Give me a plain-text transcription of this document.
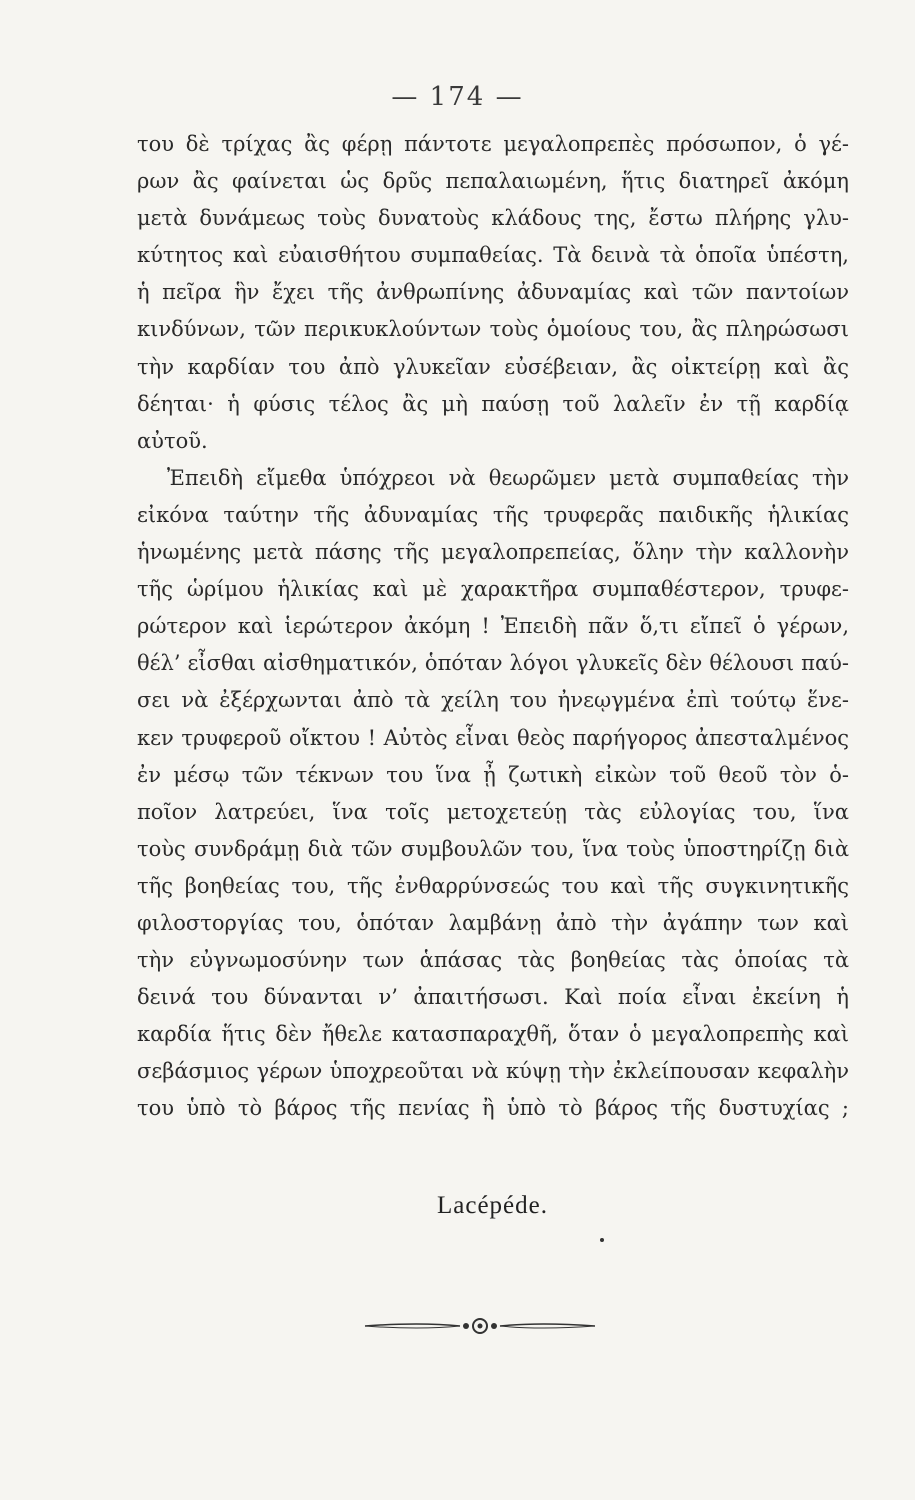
— 174 —
του δὲ τρίχας ἂς φέρῃ πάντοτε μεγαλοπρεπὲς πρόσωπον, ὁ γέ-
ρων ἂς φαίνεται ὡς δρῦς πεπαλαιωμένη, ἥτις διατηρεῖ ἀκόμη
μετὰ δυνάμεως τοὺς δυνατοὺς κλάδους της, ἔστω πλήρης γλυ-
κύτητος καὶ εὐαισθήτου συμπαθείας. Τὰ δεινὰ τὰ ὁποῖα ὑπέστη,
ἡ πεῖρα ἣν ἔχει τῆς ἀνθρωπίνης ἀδυναμίας καὶ τῶν παντοίων
κινδύνων, τῶν περικυκλούντων τοὺς ὁμοίους του, ἂς πληρώσωσι
τὴν καρδίαν του ἀπὸ γλυκεῖαν εὐσέβειαν, ἂς οἰκτείρῃ καὶ ἂς
δέηται· ἡ φύσις τέλος ἂς μὴ παύσῃ τοῦ λαλεῖν ἐν τῇ καρδίᾳ
αὐτοῦ.
Ἐπειδὴ εἴμεθα ὑπόχρεοι νὰ θεωρῶμεν μετὰ συμπαθείας τὴν
εἰκόνα ταύτην τῆς ἀδυναμίας τῆς τρυφερᾶς παιδικῆς ἡλικίας
ἡνωμένης μετὰ πάσης τῆς μεγαλοπρεπείας, ὅλην τὴν καλλονὴν
τῆς ὡρίμου ἡλικίας καὶ μὲ χαρακτῆρα συμπαθέστερον, τρυφε-
ρώτερον καὶ ἱερώτερον ἀκόμη ! Ἐπειδὴ πᾶν ὅ,τι εἴπεῖ ὁ γέρων,
θέλ’ εἶσθαι αἰσθηματικόν, ὁπόταν λόγοι γλυκεῖς δὲν θέλουσι παύ-
σει νὰ ἐξέρχωνται ἀπὸ τὰ χείλη του ἠνεῳγμένα ἐπὶ τούτῳ ἕνε-
κεν τρυφεροῦ οἴκτου ! Αὐτὸς εἶναι θεὸς παρήγορος ἀπεσταλμένος
ἐν μέσῳ τῶν τέκνων του ἵνα ᾖ ζωτικὴ εἰκὼν τοῦ θεοῦ τὸν ὁ-
ποῖον λατρεύει, ἵνα τοῖς μετοχετεύῃ τὰς εὐλογίας του, ἵνα
τοὺς συνδράμῃ διὰ τῶν συμβουλῶν του, ἵνα τοὺς ὑποστηρίζῃ διὰ
τῆς βοηθείας του, τῆς ἐνθαρρύνσεώς του καὶ τῆς συγκινητικῆς
φιλοστοργίας του, ὁπόταν λαμβάνῃ ἀπὸ τὴν ἀγάπην των καὶ
τὴν εὐγνωμοσύνην των ἁπάσας τὰς βοηθείας τὰς ὁποίας τὰ
δεινά του δύνανται ν’ ἀπαιτήσωσι. Καὶ ποία εἶναι ἐκείνη ἡ
καρδία ἥτις δὲν ἤθελε κατασπαραχθῆ, ὅταν ὁ μεγαλοπρεπὴς καὶ
σεβάσμιος γέρων ὑποχρεοῦται νὰ κύψῃ τὴν ἐκλείπουσαν κεφαλὴν
του ὑπὸ τὸ βάρος τῆς πενίας ἢ ὑπὸ τὸ βάρος τῆς δυστυχίας ;
Lacépéde.
